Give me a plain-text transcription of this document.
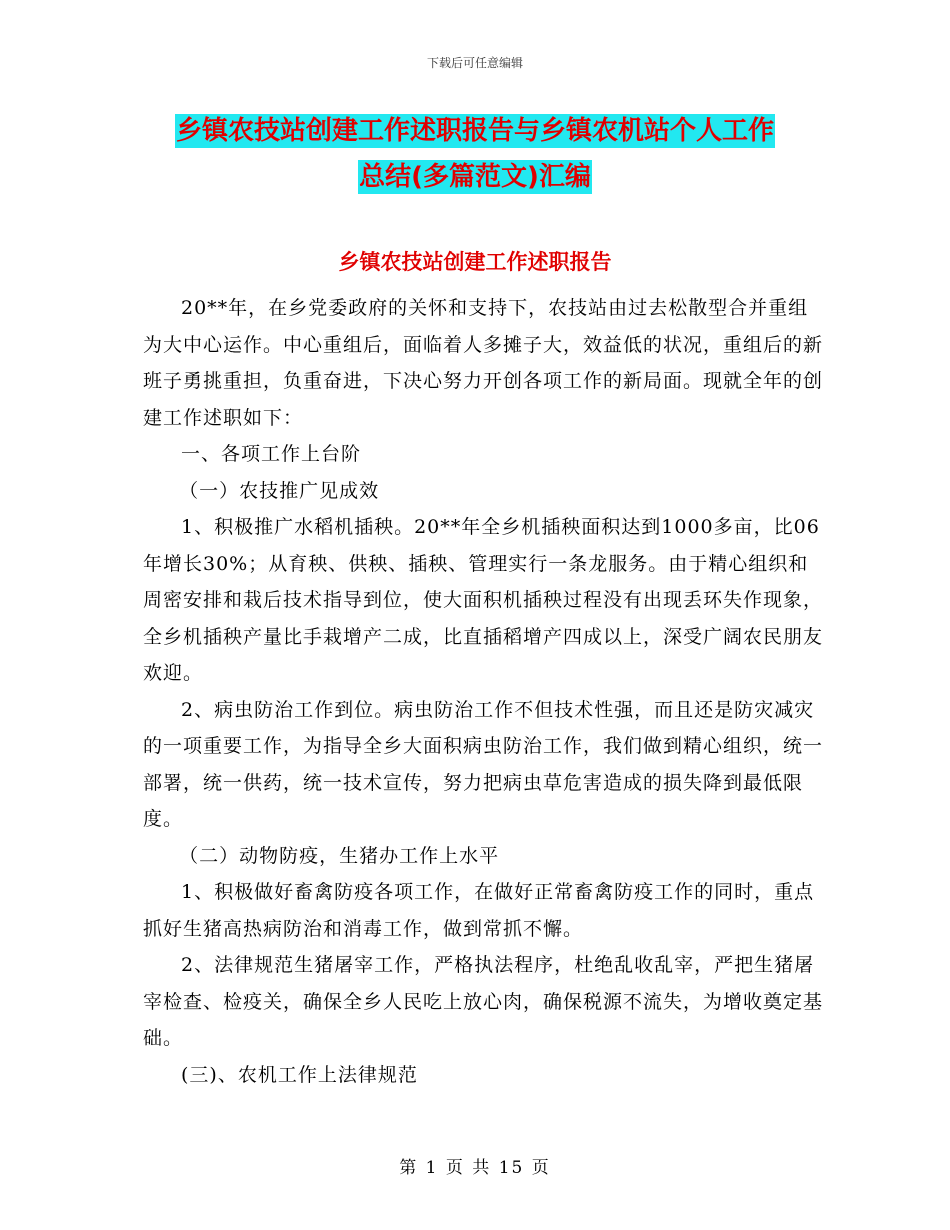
下载后可任意编辑
乡镇农技站创建工作述职报告与乡镇农机站个人工作
总结(多篇范文)汇编
乡镇农技站创建工作述职报告

20**年，在乡党委政府的关怀和支持下，农技站由过去松散型合并重组为大中心运作。中心重组后，面临着人多摊子大，效益低的状况，重组后的新班子勇挑重担，负重奋进，下决心努力开创各项工作的新局面。现就全年的创建工作述职如下：

一、各项工作上台阶

（一）农技推广见成效

1、积极推广水稻机插秧。20**年全乡机插秧面积达到1000多亩，比06年增长30%；从育秧、供秧、插秧、管理实行一条龙服务。由于精心组织和周密安排和栽后技术指导到位，使大面积机插秧过程没有出现丢环失作现象，全乡机插秧产量比手栽增产二成，比直插稻增产四成以上，深受广阔农民朋友欢迎。

2、病虫防治工作到位。病虫防治工作不但技术性强，而且还是防灾减灾的一项重要工作，为指导全乡大面积病虫防治工作，我们做到精心组织，统一部署，统一供药，统一技术宣传，努力把病虫草危害造成的损失降到最低限度。

（二）动物防疫，生猪办工作上水平

1、积极做好畜禽防疫各项工作，在做好正常畜禽防疫工作的同时，重点抓好生猪高热病防治和消毒工作，做到常抓不懈。

2、法律规范生猪屠宰工作，严格执法程序，杜绝乱收乱宰，严把生猪屠宰检查、检疫关，确保全乡人民吃上放心肉，确保税源不流失，为增收奠定基础。

(三)、农机工作上法律规范

第 1 页 共 15 页
